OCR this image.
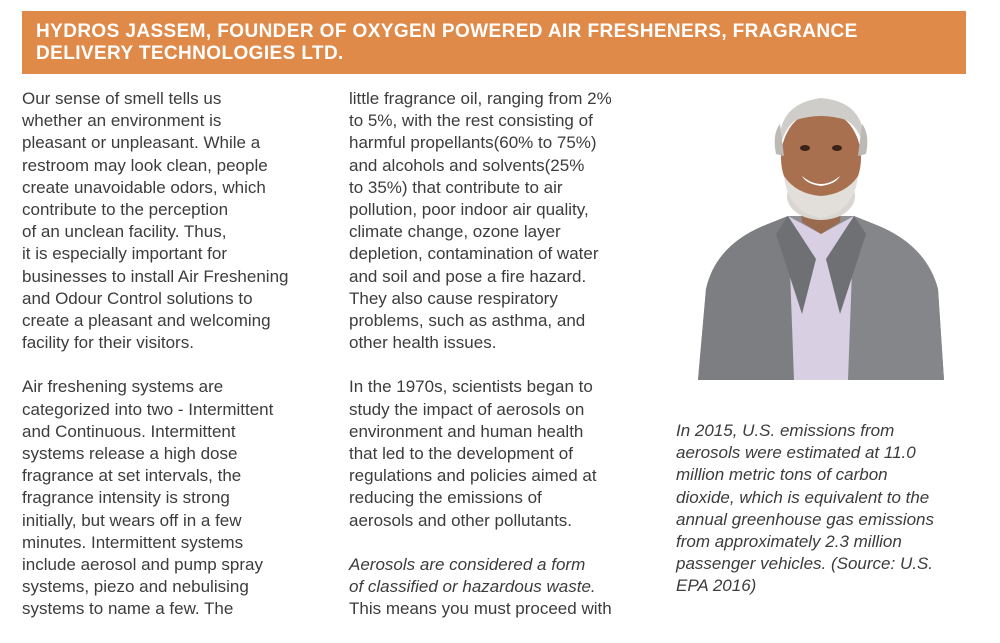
HYDROS JASSEM, FOUNDER OF OXYGEN POWERED AIR FRESHENERS, FRAGRANCE DELIVERY TECHNOLOGIES LTD.

Our sense of smell tells us
whether an environment is
pleasant or unpleasant. While a
restroom may look clean, people
create unavoidable odors, which
contribute to the perception
of an unclean facility. Thus,
it is especially important for
businesses to install Air Freshening
and Odour Control solutions to
create a pleasant and welcoming
facility for their visitors.

Air freshening systems are
categorized into two - Intermittent
and Continuous. Intermittent
systems release a high dose
fragrance at set intervals, the
fragrance intensity is strong
initially, but wears off in a few
minutes. Intermittent systems
include aerosol and pump spray
systems, piezo and nebulising
systems to name a few. The

little fragrance oil, ranging from 2%
to 5%, with the rest consisting of
harmful propellants(60% to 75%)
and alcohols and solvents(25%
to 35%) that contribute to air
pollution, poor indoor air quality,
climate change, ozone layer
depletion, contamination of water
and soil and pose a fire hazard.
They also cause respiratory
problems, such as asthma, and
other health issues.

In the 1970s, scientists began to
study the impact of aerosols on
environment and human health
that led to the development of
regulations and policies aimed at
reducing the emissions of
aerosols and other pollutants.

Aerosols are considered a form
of classified or hazardous waste.

This means you must proceed with

In 2015, U.S. emissions from
aerosols were estimated at 11.0
million metric tons of carbon
dioxide, which is equivalent to the
annual greenhouse gas emissions
from approximately 2.3 million
passenger vehicles. (Source: U.S.
EPA 2016)
